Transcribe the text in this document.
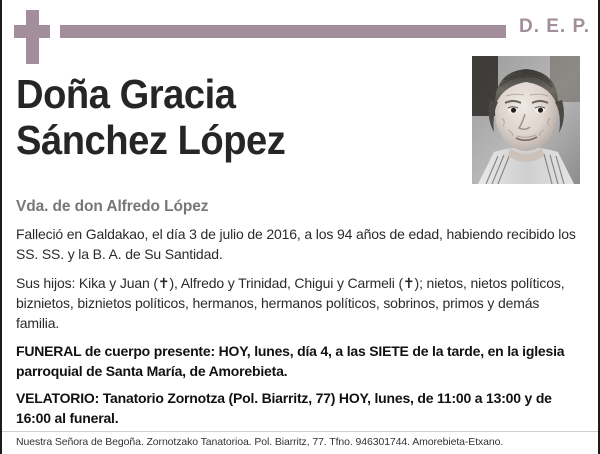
D. E. P.
Doña Gracia
Sánchez López
Vda. de don Alfredo López

Falleció en Galdakao, el día 3 de julio de 2016, a los 94 años de edad, habiendo recibido los SS. SS. y la B. A. de Su Santidad.

Sus hijos: Kika y Juan (✝), Alfredo y Trinidad, Chigui y Carmeli (✝); nietos, nietos políticos, biznietos, biznietos políticos, hermanos, hermanos políticos, sobrinos, primos y demás familia.

FUNERAL de cuerpo presente: HOY, lunes, día 4, a las SIETE de la tarde, en la iglesia parroquial de Santa María, de Amorebieta.

VELATORIO: Tanatorio Zornotza (Pol. Biarritz, 77) HOY, lunes, de 11:00 a 13:00 y de 16:00 al funeral.

Nuestra Señora de Begoña. Zornotzako Tanatorioa. Pol. Biarritz, 77. Tfno. 946301744. Amorebieta-Etxano.
